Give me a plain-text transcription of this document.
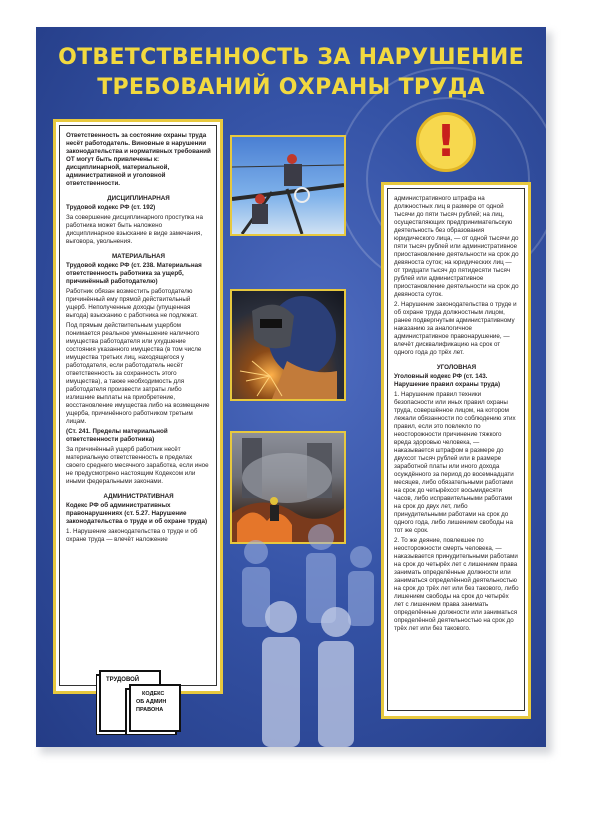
ОТВЕТСТВЕННОСТЬ ЗА НАРУШЕНИЕ
ТРЕБОВАНИЙ ОХРАНЫ ТРУДА

Ответственность за состояние охраны труда несёт работодатель. Виновные в нарушении законодательства и нормативных требований ОТ могут быть привлечены к: дисциплинарной, материальной, административной и уголовной ответственности.

ДИСЦИПЛИНАРНАЯ

Трудовой кодекс РФ (ст. 192)

За совершение дисциплинарного проступка на работника может быть наложено дисциплинарное взыскание в виде замечания, выговора, увольнения.

МАТЕРИАЛЬНАЯ

Трудовой кодекс РФ (ст. 238. Материальная ответственность работника за ущерб, причинённый работодателю)

Работник обязан возместить работодателю причинённый ему прямой действительный ущерб. Неполученные доходы (упущенная выгода) взысканию с работника не подлежат.

Под прямым действительным ущербом понимается реальное уменьшение наличного имущества работодателя или ухудшение состояния указанного имущества (в том числе имущества третьих лиц, находящегося у работодателя, если работодатель несёт ответственность за сохранность этого имущества), а также необходимость для работодателя произвести затраты либо излишние выплаты на приобретение, восстановление имущества либо на возмещение ущерба, причинённого работником третьим лицам.

(Ст. 241. Пределы материальной ответственности работника)

За причинённый ущерб работник несёт материальную ответственность в пределах своего среднего месячного заработка, если иное не предусмотрено настоящим Кодексом или иными федеральными законами.

АДМИНИСТРАТИВНАЯ

Кодекс РФ об административных правонарушениях (ст. 5.27. Нарушение законодательства о труде и об охране труда)

1. Нарушение законодательства о труде и об охране труда — влечёт наложение

!

административного штрафа на должностных лиц в размере от одной тысячи до пяти тысяч рублей; на лиц, осуществляющих предпринимательскую деятельность без образования юридического лица, — от одной тысячи до пяти тысяч рублей или административное приостановление деятельности на срок до девяноста суток; на юридических лиц — от тридцати тысяч до пятидесяти тысяч рублей или административное приостановление деятельности на срок до девяноста суток.

2. Нарушение законодательства о труде и об охране труда должностным лицом, ранее подвергнутым административному наказанию за аналогичное административное правонарушение, — влечёт дисквалификацию на срок от одного года до трёх лет.

УГОЛОВНАЯ

Уголовный кодекс РФ (ст. 143. Нарушение правил охраны труда)

1. Нарушение правил техники безопасности или иных правил охраны труда, совершённое лицом, на котором лежали обязанности по соблюдению этих правил, если это повлекло по неосторожности причинение тяжкого вреда здоровью человека, — наказывается штрафом в размере до двухсот тысяч рублей или в размере заработной платы или иного дохода осуждённого за период до восемнадцати месяцев, либо обязательными работами на срок до четырёхсот восьмидесяти часов, либо исправительными работами на срок до двух лет, либо принудительными работами на срок до одного года, либо лишением свободы на тот же срок.

2. То же деяние, повлекшее по неосторожности смерть человека, — наказывается принудительными работами на срок до четырёх лет с лишением права занимать определённые должности или заниматься определённой деятельностью на срок до трёх лет или без такового, либо лишением свободы на срок до четырёх лет с лишением права занимать определённые должности или заниматься определённой деятельностью на срок до трёх лет или без такового.

ТРУДОВОЙ
КОДЕКС
ОБ АДМИН
ПРАВОНА
